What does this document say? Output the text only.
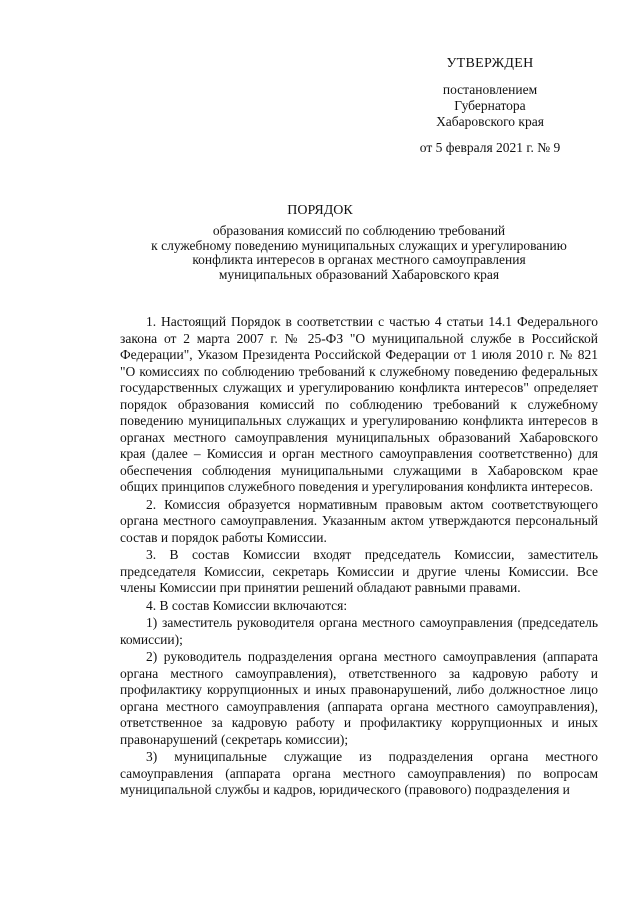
УТВЕРЖДЕН
постановлением
Губернатора
Хабаровского края
от 5 февраля 2021 г. № 9
ПОРЯДОК
образования комиссий по соблюдению требований
к служебному поведению муниципальных служащих и урегулированию
конфликта интересов в органах местного самоуправления
муниципальных образований Хабаровского края

1. Настоящий Порядок в соответствии с частью 4 статьи 14.1 Федерального закона от 2 марта 2007 г. № 25-ФЗ "О муниципальной службе в Российской Федерации", Указом Президента Российской Федерации от 1 июля 2010 г. № 821 "О комиссиях по соблюдению требований к служебному поведению федеральных государственных служащих и урегулированию конфликта интересов" определяет порядок образования комиссий по соблюдению требований к служебному поведению муниципальных служащих и урегулированию конфликта интересов в органах местного самоуправления муниципальных образований Хабаровского края (далее – Комиссия и орган местного самоуправления соответственно) для обеспечения соблюдения муниципальными служащими в Хабаровском крае общих принципов служебного поведения и урегулирования конфликта интересов.

2. Комиссия образуется нормативным правовым актом соответствующего органа местного самоуправления. Указанным актом утверждаются персональный состав и порядок работы Комиссии.

3. В состав Комиссии входят председатель Комиссии, заместитель председателя Комиссии, секретарь Комиссии и другие члены Комиссии. Все члены Комиссии при принятии решений обладают равными правами.

4. В состав Комиссии включаются:

1) заместитель руководителя органа местного самоуправления (председатель комиссии);

2) руководитель подразделения органа местного самоуправления (аппарата органа местного самоуправления), ответственного за кадровую работу и профилактику коррупционных и иных правонарушений, либо должностное лицо органа местного самоуправления (аппарата органа местного самоуправления), ответственное за кадровую работу и профилактику коррупционных и иных правонарушений (секретарь комиссии);

3) муниципальные служащие из подразделения органа местного самоуправления (аппарата органа местного самоуправления) по вопросам муниципальной службы и кадров, юридического (правового) подразделения и
